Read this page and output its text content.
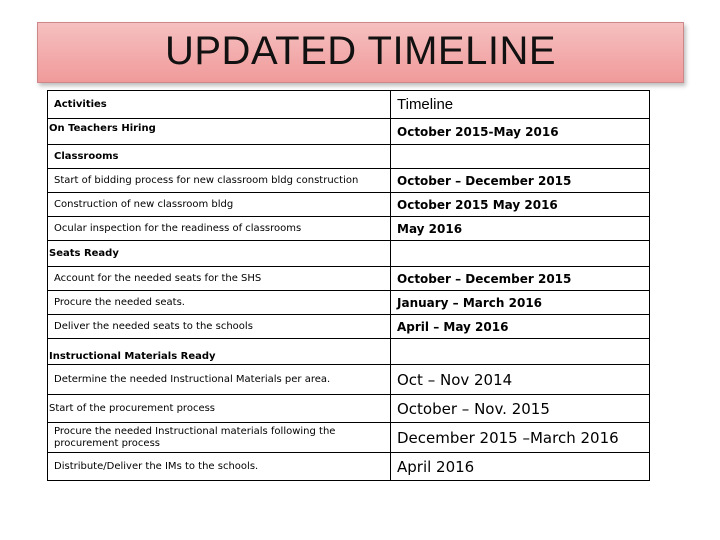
UPDATED TIMELINE
Activities	Timeline
On Teachers Hiring	October 2015-May 2016
Classrooms	
Start of bidding process for new classroom bldg construction	October – December 2015
Construction of new classroom bldg	October 2015 May 2016
Ocular inspection for the readiness of classrooms	May 2016
Seats Ready	
Account for the needed seats for the SHS	October – December 2015
Procure the needed seats.	January – March 2016
Deliver the needed seats to the schools	April – May 2016
Instructional Materials Ready	
Determine the needed Instructional Materials per area.	Oct – Nov 2014
Start of the procurement process	October – Nov. 2015
Procure the needed Instructional materials following the procurement process	December 2015 –March 2016
Distribute/Deliver the IMs to the schools.	April 2016
